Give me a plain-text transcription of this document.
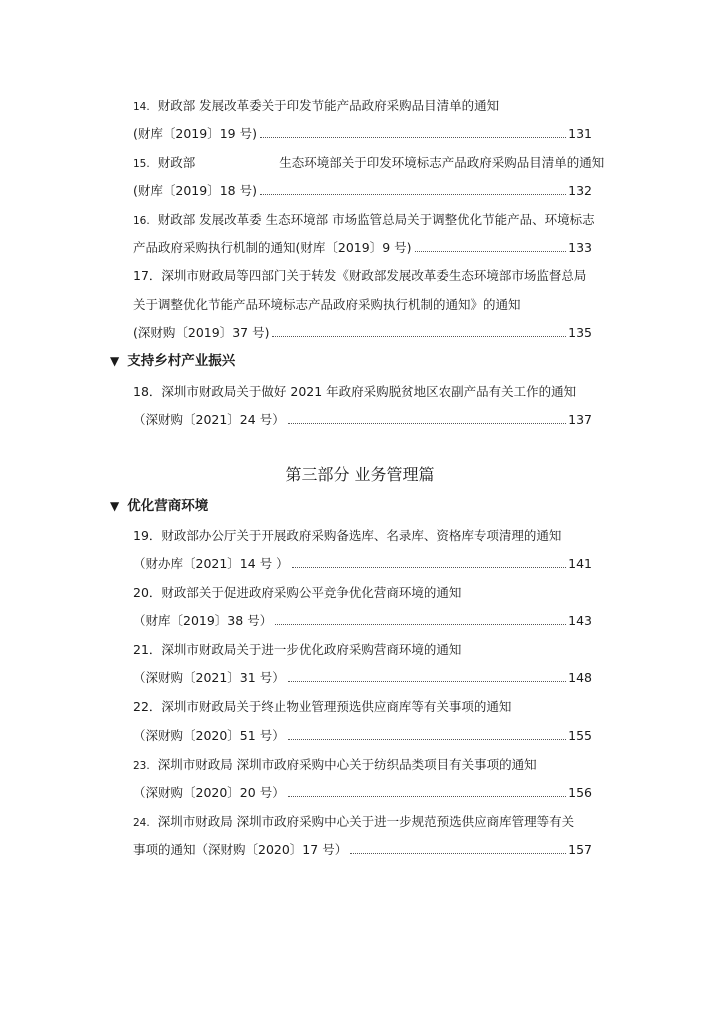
14. 财政部 发展改革委关于印发节能产品政府采购品目清单的通知
(财库〔2019〕19 号)	131
15. 财政部	生态环境部关于印发环境标志产品政府采购品目清单的通知
(财库〔2019〕18 号)	132
16. 财政部 发展改革委 生态环境部 市场监管总局关于调整优化节能产品、环境标志
产品政府采购执行机制的通知(财库〔2019〕9 号)	133
17．深圳市财政局等四部门关于转发《财政部发展改革委生态环境部市场监督总局
关于调整优化节能产品环境标志产品政府采购执行机制的通知》的通知
(深财购〔2019〕37 号)	135
▼ 支持乡村产业振兴
18．深圳市财政局关于做好 2021 年政府采购脱贫地区农副产品有关工作的通知
（深财购〔2021〕24 号）	137
第三部分 业务管理篇
▼ 优化营商环境
19．财政部办公厅关于开展政府采购备选库、名录库、资格库专项清理的通知
（财办库〔2021〕14 号 ）	141
20．财政部关于促进政府采购公平竞争优化营商环境的通知
（财库〔2019〕38 号）	143
21．深圳市财政局关于进一步优化政府采购营商环境的通知
（深财购〔2021〕31 号）	148
22．深圳市财政局关于终止物业管理预选供应商库等有关事项的通知
（深财购〔2020〕51 号）	155
23. 深圳市财政局 深圳市政府采购中心关于纺织品类项目有关事项的通知
（深财购〔2020〕20 号）	156
24. 深圳市财政局 深圳市政府采购中心关于进一步规范预选供应商库管理等有关
事项的通知（深财购〔2020〕17 号）	157
